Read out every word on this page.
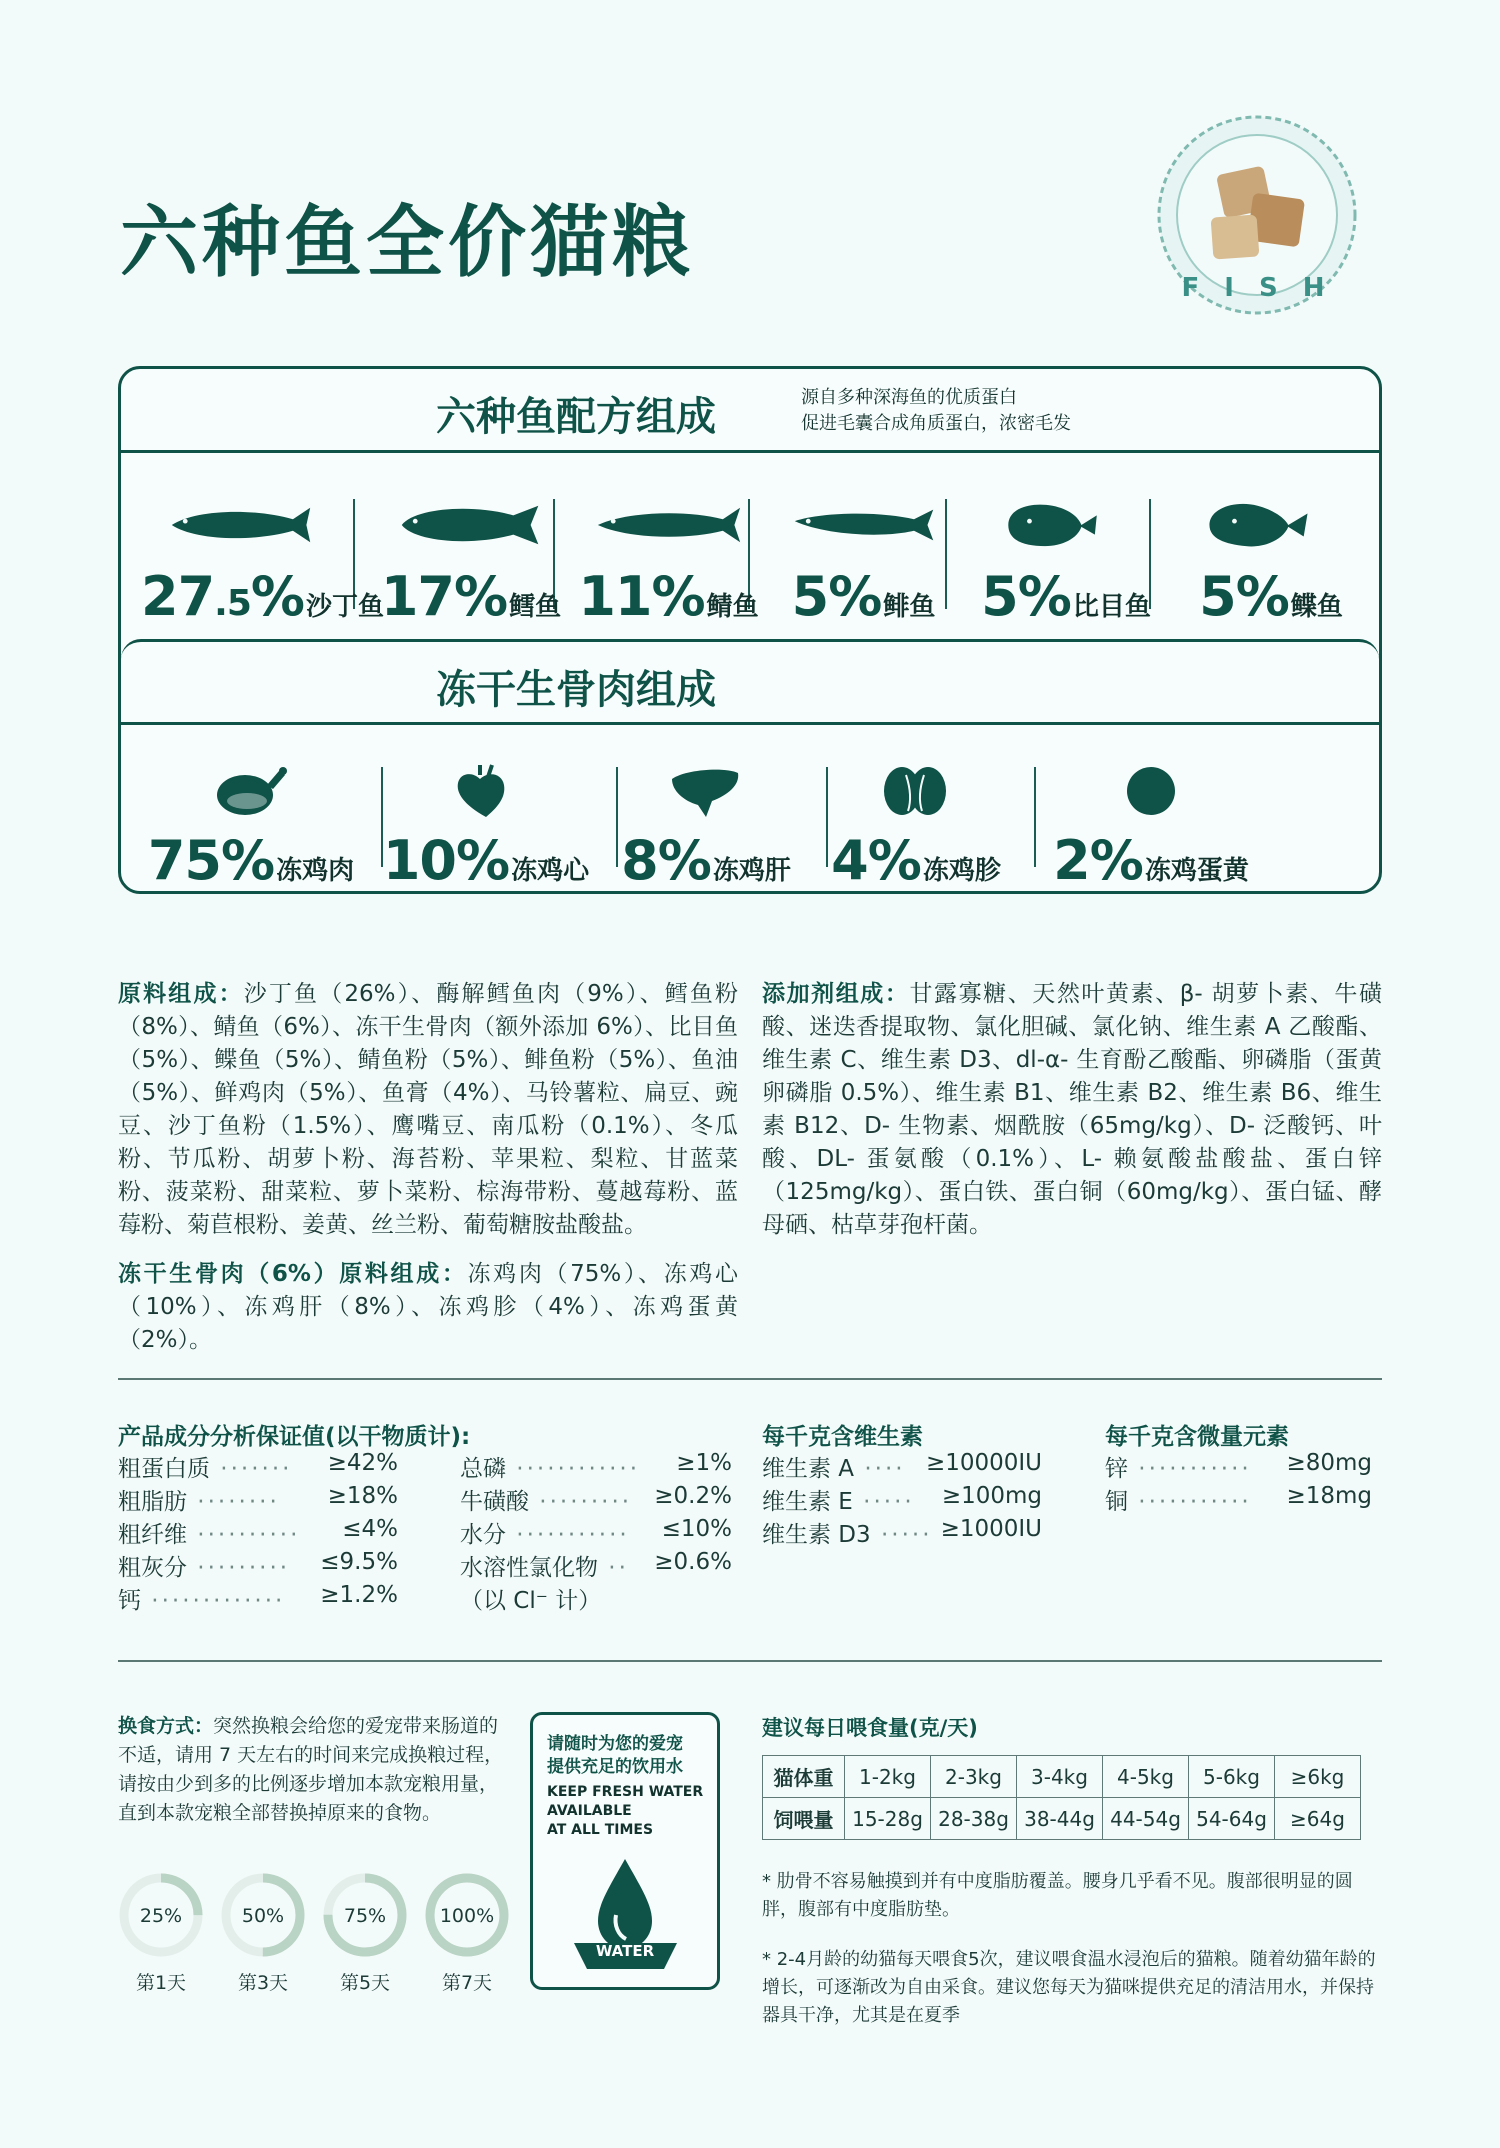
六种鱼全价猫粮	F I S H
六种鱼配方组成	源自多种深海鱼的优质蛋白
促进毛囊合成角质蛋白，浓密毛发
27.5%沙丁鱼
17%鳕鱼 11%鲭鱼 5%鲱鱼 5%比目鱼 5%鲽鱼
冻干生骨肉组成
75%冻鸡肉 10%冻鸡心 8%冻鸡肝 4%冻鸡胗 2%冻鸡蛋黄
原料组成：沙丁鱼（26%）、酶解鳕鱼肉（9%）、鳕鱼粉（8%）、鲭鱼（6%）、冻干生骨肉（额外添加 6%）、比目鱼（5%）、鲽鱼（5%）、鲭鱼粉（5%）、鲱鱼粉（5%）、鱼油（5%）、鲜鸡肉（5%）、鱼膏（4%）、马铃薯粒、扁豆、豌豆、沙丁鱼粉（1.5%）、鹰嘴豆、南瓜粉（0.1%）、冬瓜粉、节瓜粉、胡萝卜粉、海苔粉、苹果粒、梨粒、甘蓝菜粉、菠菜粉、甜菜粒、萝卜菜粉、棕海带粉、蔓越莓粉、蓝莓粉、菊苣根粉、姜黄、丝兰粉、葡萄糖胺盐酸盐。
冻干生骨肉（6%）原料组成：冻鸡肉（75%）、冻鸡心（10%）、冻鸡肝（8%）、冻鸡胗（4%）、冻鸡蛋黄（2%）。
添加剂组成：甘露寡糖、天然叶黄素、β- 胡萝卜素、牛磺酸、迷迭香提取物、氯化胆碱、氯化钠、维生素 A 乙酸酯、维生素 C、维生素 D3、dl-α- 生育酚乙酸酯、卵磷脂（蛋黄卵磷脂 0.5%）、维生素 B1、维生素 B2、维生素 B6、维生素 B12、D- 生物素、烟酰胺（65mg/kg）、D- 泛酸钙、叶酸、DL- 蛋氨酸（0.1%）、L- 赖氨酸盐酸盐、蛋白锌（125mg/kg）、蛋白铁、蛋白铜（60mg/kg）、蛋白锰、酵母硒、枯草芽孢杆菌。
产品成分分析保证值(以干物质计):
粗蛋白质 ·······	≥42%
粗脂肪 ········	≥18%
粗纤维 ··········	≤4%
粗灰分 ·········	≤9.5%
钙 ·············	≥1.2%
总磷 ············	≥1%
牛磺酸 ········· ≥0.2%
水分 ···········	≤10%
水溶性氯化物 ··	≥0.6%
维生素 A ···· ≥10000IU
维生素 E ·····	≥100mg
维生素 D3 ····· ≥1000IU
锌 ···········	≥80mg
铜 ···········	≥18mg
（以 Cl⁻ 计）
每千克含维生素	每千克含微量元素
换食方式：突然换粮会给您的爱宠带来肠道的不适，请用 7 天左右的时间来完成换粮过程，请按由少到多的比例逐步增加本款宠粮用量，直到本款宠粮全部替换掉原来的食物。
25%
第1天
50%
第3天
75%
第5天
100%
第7天
请随时为您的爱宠
提供充足的饮用水
KEEP FRESH WATER
AVAILABLE
AT ALL TIMES
WATER
建议每日喂食量(克/天)
猫体重	1-2kg	2-3kg	3-4kg	4-5kg	5-6kg	≥6kg
饲喂量	15-28g	28-38g	38-44g	44-54g	54-64g	≥64g
* 肋骨不容易触摸到并有中度脂肪覆盖。腰身几乎看不见。腹部很明显的圆胖，腹部有中度脂肪垫。
* 2-4月龄的幼猫每天喂食5次，建议喂食温水浸泡后的猫粮。随着幼猫年龄的增长，可逐渐改为自由采食。建议您每天为猫咪提供充足的清洁用水，并保持器具干净，尤其是在夏季
